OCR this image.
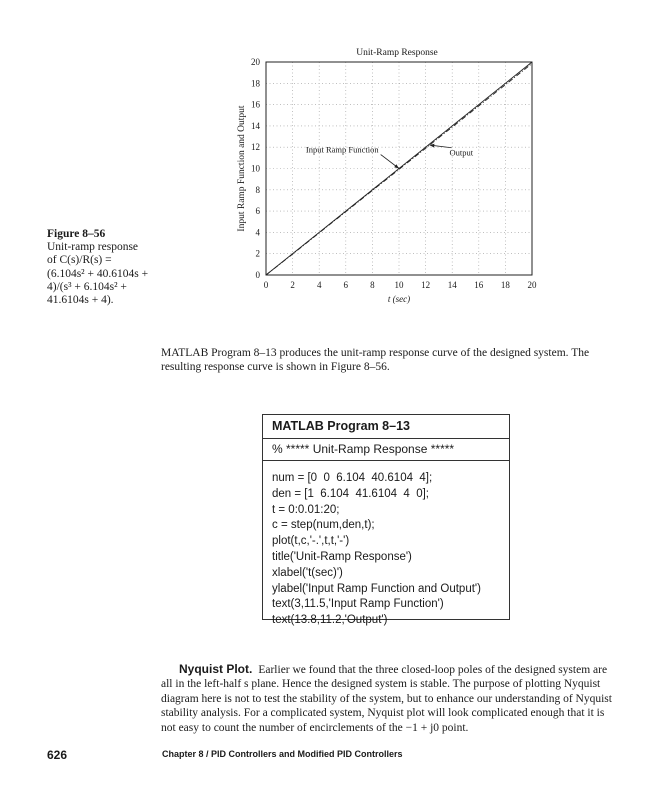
Unit-Ramp Response
0 2 4 6 8 10 12 14 16 18 20
0
2
4
6
8
10
12
14
16
18
20
t (sec)
Input Ramp Function and Output	Input Ramp Function	Output
Figure 8–56
Unit-ramp response
of C(s)/R(s) =
(6.104s² + 40.6104s +
4)/(s³ + 6.104s² +
41.6104s + 4).

MATLAB Program 8–13 produces the unit-ramp response curve of the designed system. The resulting response curve is shown in Figure 8–56.

MATLAB Program 8–13
% ***** Unit-Ramp Response *****
num = [0  0  6.104  40.6104  4];
den = [1  6.104  41.6104  4  0];
t = 0:0.01:20;
c = step(num,den,t);
plot(t,c,'-.',t,t,'-')
title('Unit-Ramp Response')
xlabel('t(sec)')
ylabel('Input Ramp Function and Output')
text(3,11.5,'Input Ramp Function')
text(13.8,11.2,'Output')

Nyquist Plot. Earlier we found that the three closed-loop poles of the designed system are all in the left-half s plane. Hence the designed system is stable. The purpose of plotting Nyquist diagram here is not to test the stability of the system, but to enhance our understanding of Nyquist stability analysis. For a complicated system, Nyquist plot will look complicated enough that it is not easy to count the number of encirclements of the −1 + j0 point.

626	Chapter 8 / PID Controllers and Modified PID Controllers
